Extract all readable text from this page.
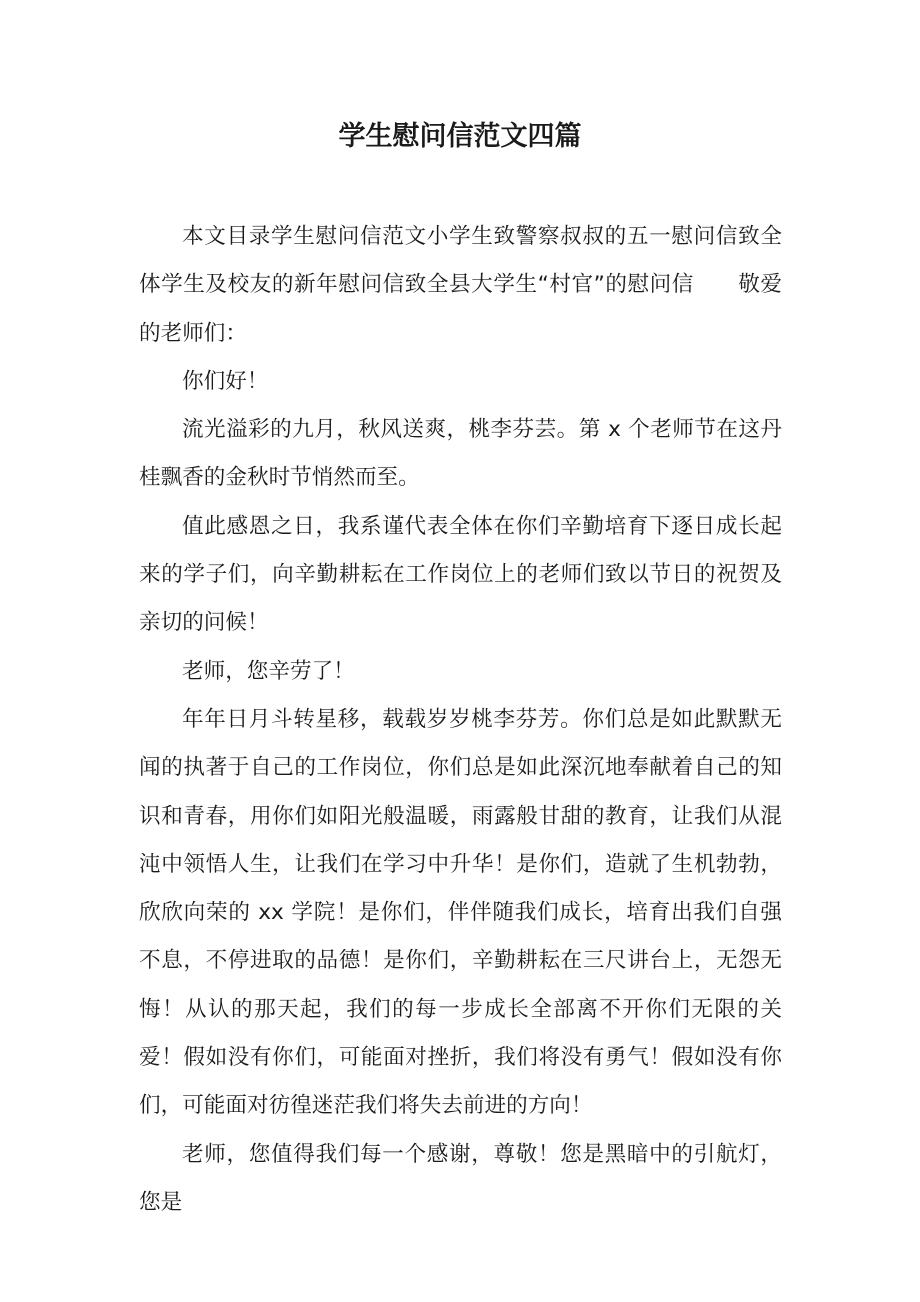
学生慰问信范文四篇

本文目录学生慰问信范文小学生致警察叔叔的五一慰问信致全体学生及校友的新年慰问信致全县大学生“村官”的慰问信　　敬爱的老师们：

你们好！

流光溢彩的九月，秋风送爽，桃李芬芸。第 x 个老师节在这丹桂飘香的金秋时节悄然而至。

值此感恩之日，我系谨代表全体在你们辛勤培育下逐日成长起来的学子们，向辛勤耕耘在工作岗位上的老师们致以节日的祝贺及亲切的问候！

老师，您辛劳了！

年年日月斗转星移，载载岁岁桃李芬芳。你们总是如此默默无闻的执著于自己的工作岗位，你们总是如此深沉地奉献着自己的知识和青春，用你们如阳光般温暖，雨露般甘甜的教育，让我们从混沌中领悟人生，让我们在学习中升华！是你们，造就了生机勃勃，欣欣向荣的 xx 学院！是你们，伴伴随我们成长，培育出我们自强不息，不停进取的品德！是你们，辛勤耕耘在三尺讲台上，无怨无悔！从认的那天起，我们的每一步成长全部离不开你们无限的关爱！假如没有你们，可能面对挫折，我们将没有勇气！假如没有你们，可能面对彷徨迷茫我们将失去前进的方向！

老师，您值得我们每一个感谢，尊敬！您是黑暗中的引航灯，您是
